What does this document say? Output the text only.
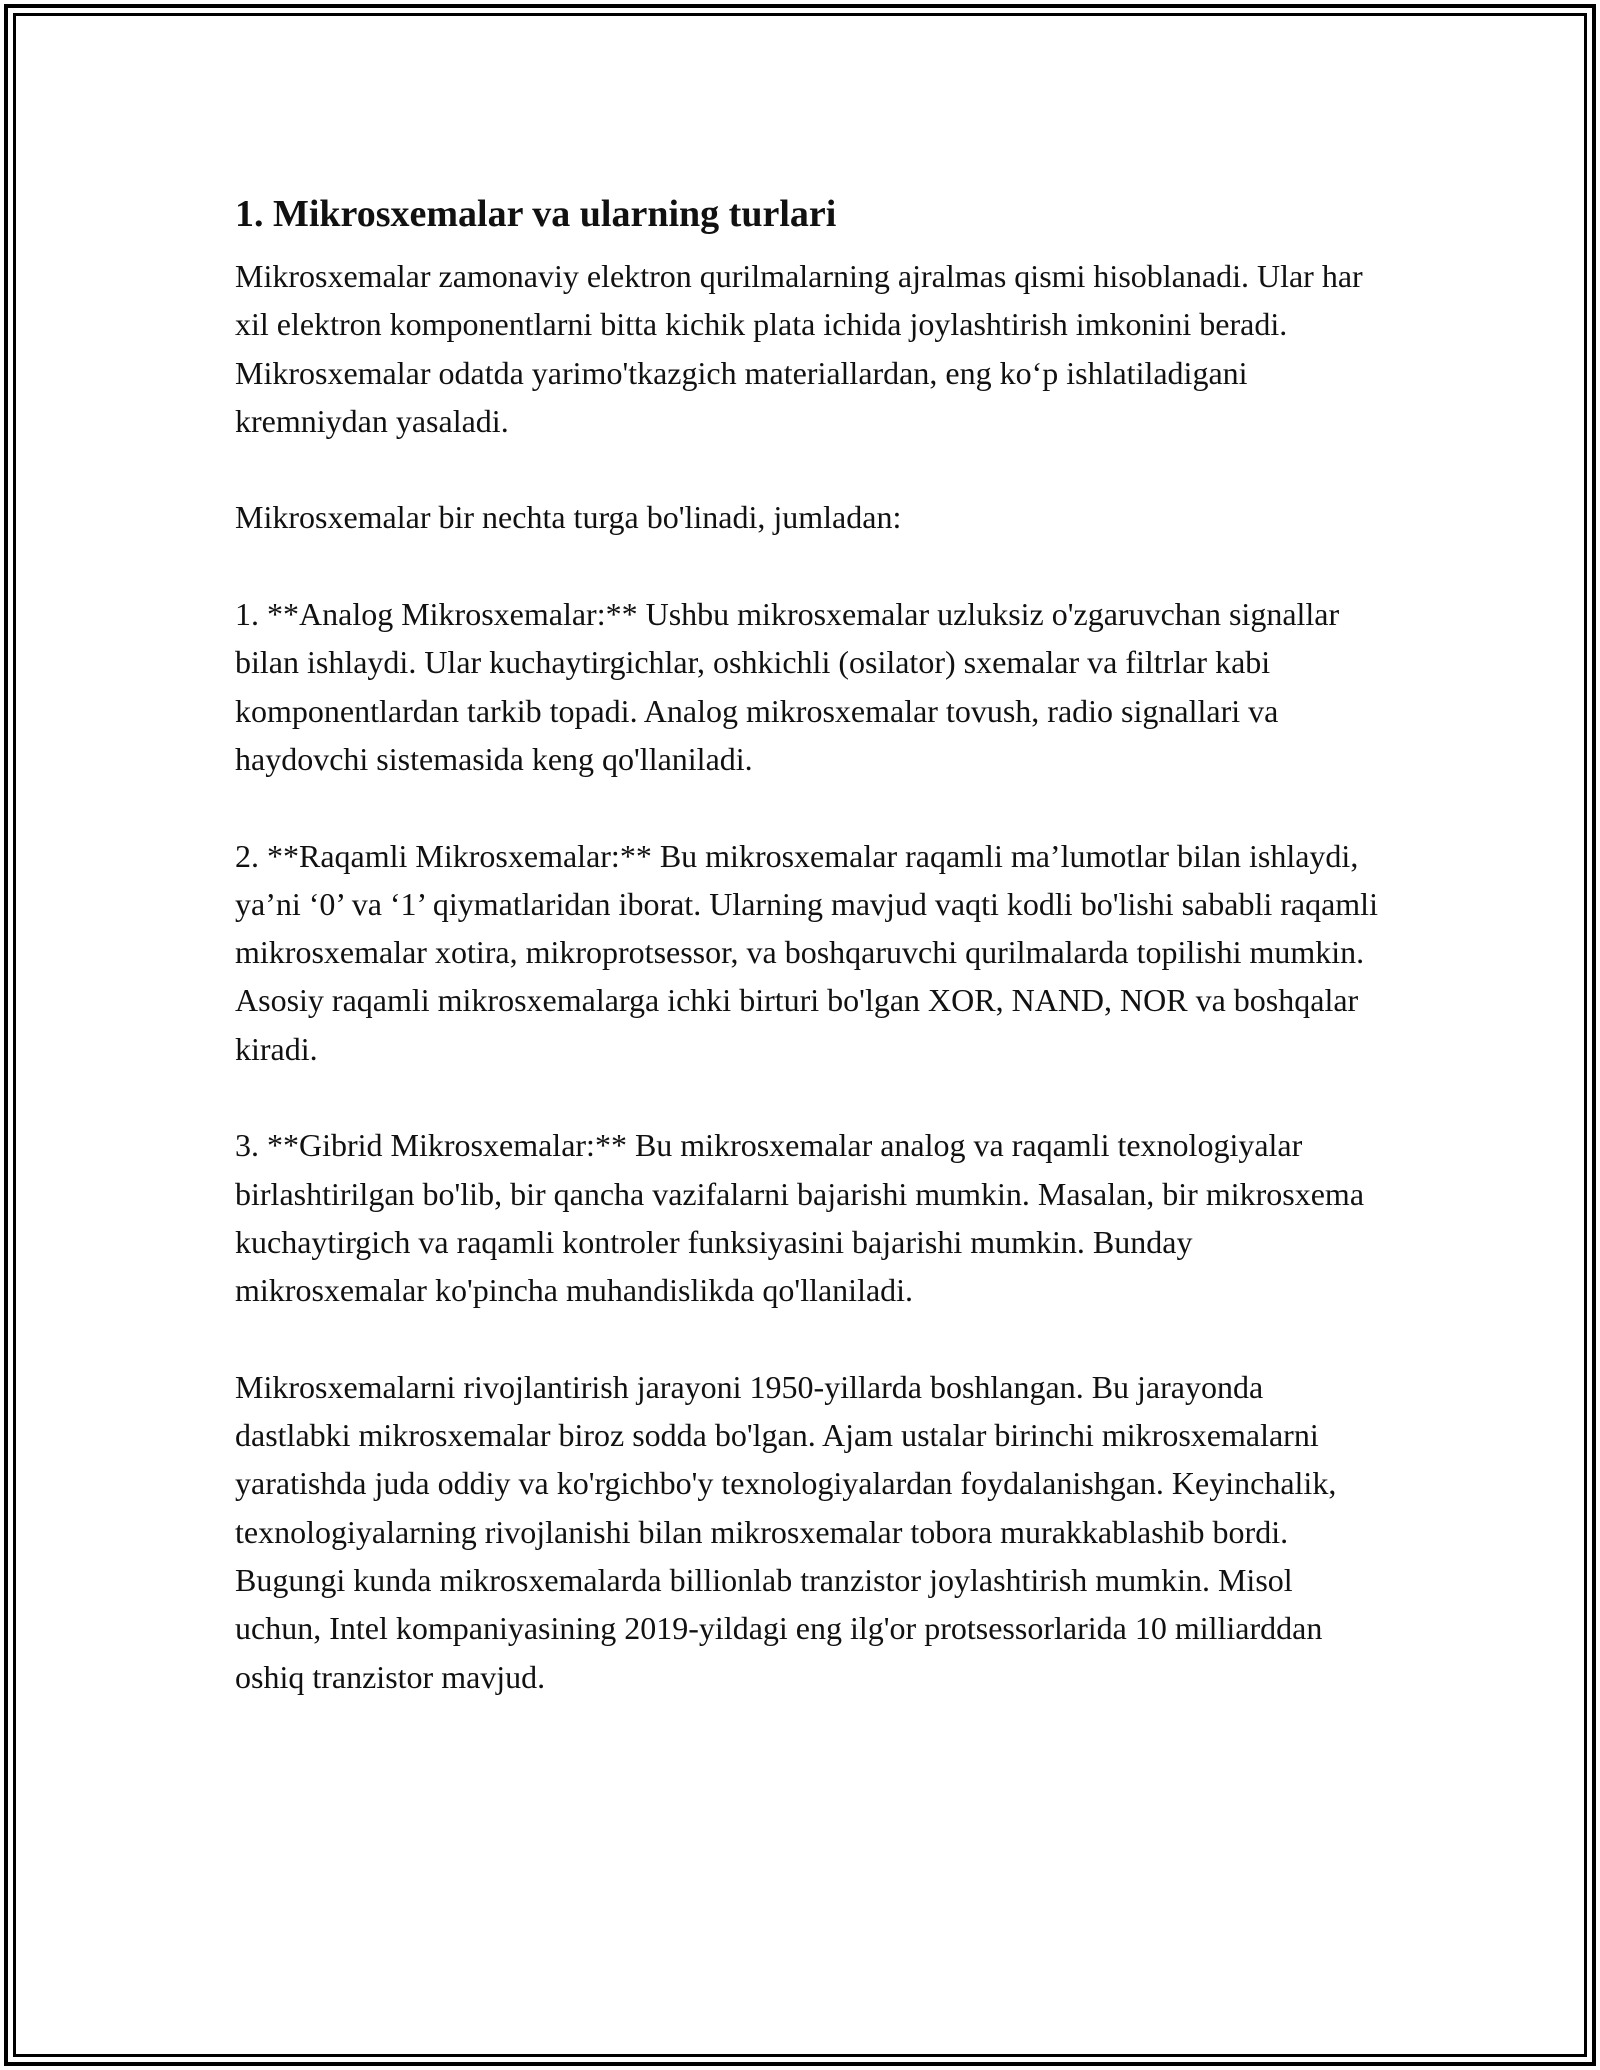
1. Mikrosxemalar va ularning turlari

Mikrosxemalar zamonaviy elektron qurilmalarning ajralmas qismi hisoblanadi. Ular har xil elektron komponentlarni bitta kichik plata ichida joylashtirish imkonini beradi. Mikrosxemalar odatda yarimo'tkazgich materiallardan, eng ko‘p ishlatiladigani kremniydan yasaladi.

Mikrosxemalar bir nechta turga bo'linadi, jumladan:

1. **Analog Mikrosxemalar:** Ushbu mikrosxemalar uzluksiz o'zgaruvchan signallar bilan ishlaydi. Ular kuchaytirgichlar, oshkichli (osilator) sxemalar va filtrlar kabi komponentlardan tarkib topadi. Analog mikrosxemalar tovush, radio signallari va haydovchi sistemasida keng qo'llaniladi.

2. **Raqamli Mikrosxemalar:** Bu mikrosxemalar raqamli ma’lumotlar bilan ishlaydi, ya’ni ‘0’ va ‘1’ qiymatlaridan iborat. Ularning mavjud vaqti kodli bo'lishi sababli raqamli mikrosxemalar xotira, mikroprotsessor, va boshqaruvchi qurilmalarda topilishi mumkin. Asosiy raqamli mikrosxemalarga ichki birturi bo'lgan XOR, NAND, NOR va boshqalar kiradi.

3. **Gibrid Mikrosxemalar:** Bu mikrosxemalar analog va raqamli texnologiyalar birlashtirilgan bo'lib, bir qancha vazifalarni bajarishi mumkin. Masalan, bir mikrosxema kuchaytirgich va raqamli kontroler funksiyasini bajarishi mumkin. Bunday mikrosxemalar ko'pincha muhandislikda qo'llaniladi.

Mikrosxemalarni rivojlantirish jarayoni 1950-yillarda boshlangan. Bu jarayonda dastlabki mikrosxemalar biroz sodda bo'lgan. Ajam ustalar birinchi mikrosxemalarni yaratishda juda oddiy va ko'rgichbo'y texnologiyalardan foydalanishgan. Keyinchalik, texnologiyalarning rivojlanishi bilan mikrosxemalar tobora murakkablashib bordi. Bugungi kunda mikrosxemalarda billionlab tranzistor joylashtirish mumkin. Misol uchun, Intel kompaniyasining 2019-yildagi eng ilg'or protsessorlarida 10 milliarddan oshiq tranzistor mavjud.
